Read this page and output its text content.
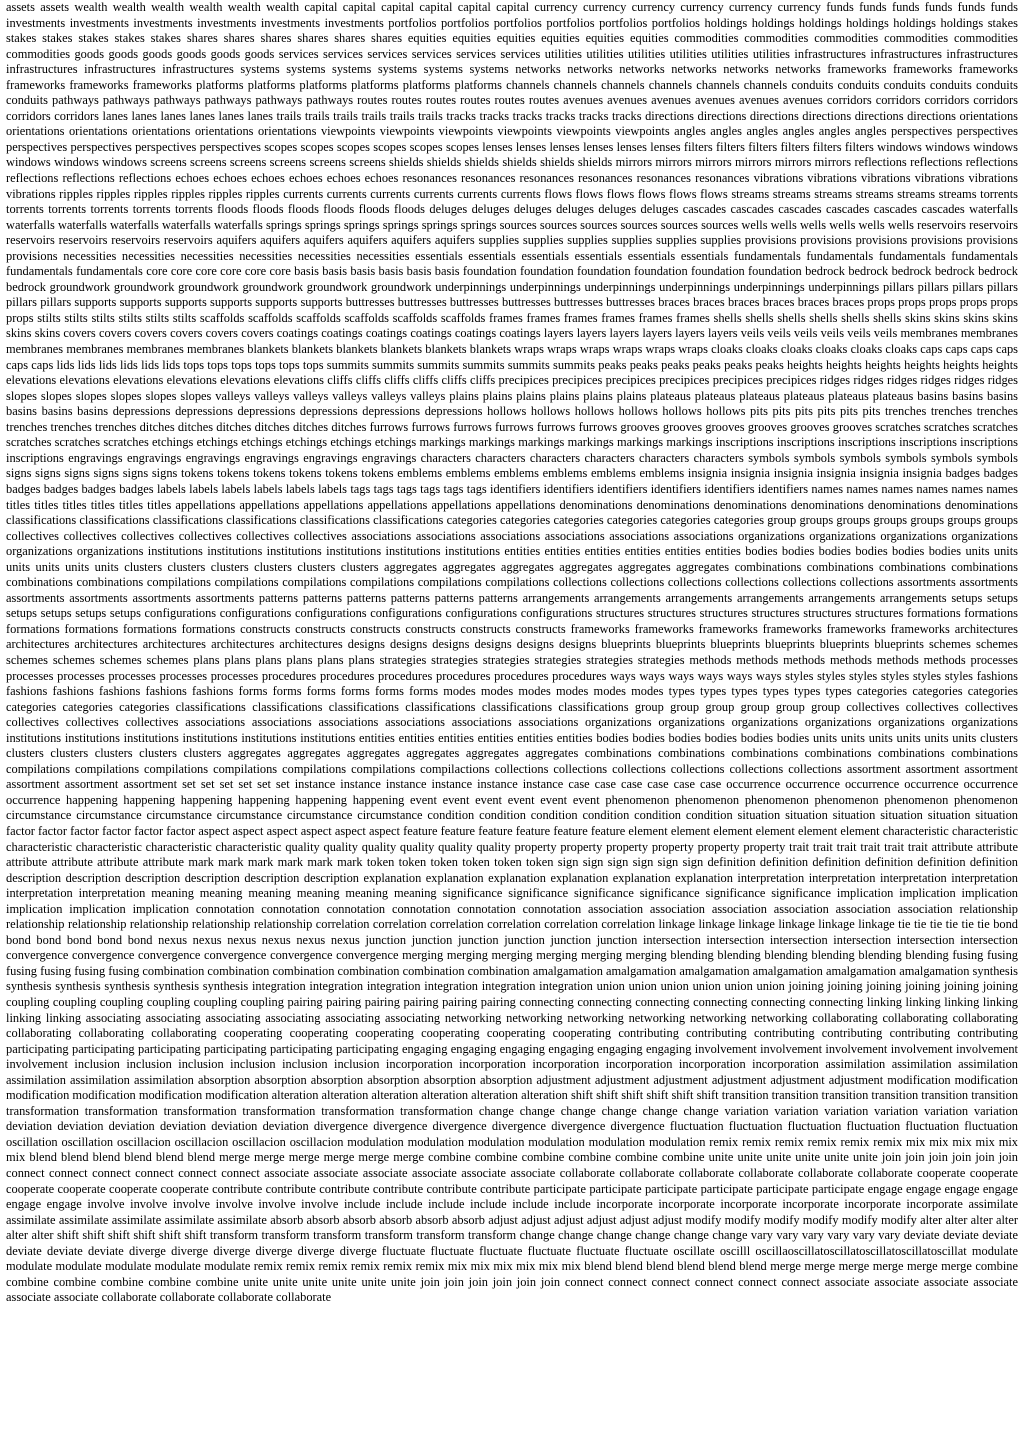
assets assets wealth wealth wealth wealth wealth wealth capital capital capital capital capital capital currency currency currency currency currency currency funds funds funds funds funds funds investments investments investments investments investments investments portfolios portfolios portfolios portfolios portfolios portfolios holdings holdings holdings holdings holdings holdings stakes stakes stakes stakes stakes stakes shares shares shares shares shares shares equities equities equities equities equities equities commodities commodities commodities commodities commodities commodities goods goods goods goods goods goods services services services services services services utilities utilities utilities utilities utilities utilities infrastructures infrastructures infrastructures infrastructures infrastructures infrastructures systems systems systems systems systems systems networks networks networks networks networks networks frameworks frameworks frameworks frameworks frameworks frameworks platforms platforms platforms platforms platforms platforms channels channels channels channels channels channels conduits conduits conduits conduits conduits conduits pathways pathways pathways pathways pathways pathways routes routes routes routes routes routes avenues avenues avenues avenues avenues avenues corridors corridors corridors corridors corridors corridors lanes lanes lanes lanes lanes lanes trails trails trails trails trails trails tracks tracks tracks tracks tracks tracks directions directions directions directions directions directions orientations orientations orientations orientations orientations orientations viewpoints viewpoints viewpoints viewpoints viewpoints viewpoints angles angles angles angles angles angles perspectives perspectives perspectives perspectives perspectives perspectives scopes scopes scopes scopes scopes scopes lenses lenses lenses lenses lenses lenses filters filters filters filters filters filters windows windows windows windows windows windows screens screens screens screens screens screens shields shields shields shields shields shields mirrors mirrors mirrors mirrors mirrors mirrors reflections reflections reflections reflections reflections reflections echoes echoes echoes echoes echoes echoes resonances resonances resonances resonances resonances resonances vibrations vibrations vibrations vibrations vibrations vibrations ripples ripples ripples ripples ripples ripples currents currents currents currents currents currents flows flows flows flows flows flows streams streams streams streams streams streams torrents torrents torrents torrents torrents torrents floods floods floods floods floods floods deluges deluges deluges deluges deluges deluges cascades cascades cascades cascades cascades cascades waterfalls waterfalls waterfalls waterfalls waterfalls waterfalls springs springs springs springs springs springs sources sources sources sources sources sources wells wells wells wells wells wells reservoirs reservoirs reservoirs reservoirs reservoirs reservoirs aquifers aquifers aquifers aquifers aquifers aquifers supplies supplies supplies supplies supplies supplies provisions provisions provisions provisions provisions provisions necessities necessities necessities necessities necessities necessities essentials essentials essentials essentials essentials essentials fundamentals fundamentals fundamentals fundamentals fundamentals fundamentals core core core core core core basis basis basis basis basis basis foundation foundation foundation foundation foundation foundation bedrock bedrock bedrock bedrock bedrock bedrock groundwork groundwork groundwork groundwork groundwork groundwork underpinnings underpinnings underpinnings underpinnings underpinnings underpinnings pillars pillars pillars pillars pillars pillars supports supports supports supports supports supports buttresses buttresses buttresses buttresses buttresses buttresses braces braces braces braces braces braces props props props props props props stilts stilts stilts stilts stilts stilts scaffolds scaffolds scaffolds scaffolds scaffolds scaffolds frames frames frames frames frames frames shells shells shells shells shells shells skins skins skins skins skins skins covers covers covers covers covers covers coatings coatings coatings coatings coatings coatings layers layers layers layers layers layers veils veils veils veils veils veils membranes membranes membranes membranes membranes membranes blankets blankets blankets blankets blankets blankets wraps wraps wraps wraps wraps wraps cloaks cloaks cloaks cloaks cloaks cloaks caps caps caps caps caps caps lids lids lids lids lids lids tops tops tops tops tops tops summits summits summits summits summits summits peaks peaks peaks peaks peaks peaks heights heights heights heights heights heights elevations elevations elevations elevations elevations elevations cliffs cliffs cliffs cliffs cliffs cliffs precipices precipices precipices precipices precipices precipices ridges ridges ridges ridges ridges ridges slopes slopes slopes slopes slopes slopes valleys valleys valleys valleys valleys valleys plains plains plains plains plains plains plateaus plateaus plateaus plateaus plateaus plateaus basins basins basins basins basins basins depressions depressions depressions depressions depressions depressions hollows hollows hollows hollows hollows hollows pits pits pits pits pits pits trenches trenches trenches trenches trenches trenches ditches ditches ditches ditches ditches ditches furrows furrows furrows furrows furrows furrows grooves grooves grooves grooves grooves grooves scratches scratches scratches scratches scratches scratches etchings etchings etchings etchings etchings etchings markings markings markings markings markings markings inscriptions inscriptions inscriptions inscriptions inscriptions inscriptions engravings engravings engravings engravings engravings engravings characters characters characters characters characters characters symbols symbols symbols symbols symbols symbols signs signs signs signs signs signs tokens tokens tokens tokens tokens tokens emblems emblems emblems emblems emblems emblems insignia insignia insignia insignia insignia insignia badges badges badges badges badges badges labels labels labels labels labels labels tags tags tags tags tags tags identifiers identifiers identifiers identifiers identifiers identifiers names names names names names names titles titles titles titles titles titles appellations appellations appellations appellations appellations appellations denominations denominations denominations denominations denominations denominations classifications classifications classifications classifications classifications classifications categories categories categories categories categories categories group groups groups groups groups groups groups collectives collectives collectives collectives collectives collectives associations associations associations associations associations associations organizations organizations organizations organizations organizations organizations institutions institutions institutions institutions institutions institutions entities entities entities entities entities entities bodies bodies bodies bodies bodies bodies units units units units units units clusters clusters clusters clusters clusters clusters aggregates aggregates aggregates aggregates aggregates aggregates combinations combinations combinations combinations combinations combinations compilations compilations compilations compilations compilations compilations collections collections collections collections collections collections assortments assortments assortments assortments assortments assortments patterns patterns patterns patterns patterns patterns arrangements arrangements arrangements arrangements arrangements arrangements setups setups setups setups setups setups configurations configurations configurations configurations configurations configurations structures structures structures structures structures structures formations formations formations formations formations formations constructs constructs constructs constructs constructs constructs frameworks frameworks frameworks frameworks frameworks frameworks architectures architectures architectures architectures architectures architectures designs designs designs designs designs designs blueprints blueprints blueprints blueprints blueprints blueprints schemes schemes schemes schemes schemes schemes plans plans plans plans plans plans strategies strategies strategies strategies strategies strategies methods methods methods methods methods methods processes processes processes processes processes processes procedures procedures procedures procedures procedures procedures ways ways ways ways ways ways styles styles styles styles styles styles fashions fashions fashions fashions fashions fashions forms forms forms forms forms forms modes modes modes modes modes modes types types types types types types categories categories categories categories categories categories classifications classifications classifications classifications classifications classifications group group group group group group collectives collectives collectives collectives collectives collectives associations associations associations associations associations associations organizations organizations organizations organizations organizations organizations institutions institutions institutions institutions institutions institutions entities entities entities entities entities entities bodies bodies bodies bodies bodies bodies units units units units units units clusters clusters clusters clusters clusters clusters aggregates aggregates aggregates aggregates aggregates aggregates combinations combinations combinations combinations combinations combinations compilations compilations compilations compilations compilations compilations compilactions collections collections collections collections collections collections assortment assortment assortment assortment assortment assortment set set set set set set instance instance instance instance instance instance case case case case case case occurrence occurrence occurrence occurrence occurrence occurrence happening happening happening happening happening happening event event event event event event phenomenon phenomenon phenomenon phenomenon phenomenon phenomenon circumstance circumstance circumstance circumstance circumstance circumstance condition condition condition condition condition condition situation situation situation situation situation situation factor factor factor factor factor factor aspect aspect aspect aspect aspect aspect feature feature feature feature feature feature element element element element element element characteristic characteristic characteristic characteristic characteristic characteristic quality quality quality quality quality quality property property property property property property trait trait trait trait trait trait attribute attribute attribute attribute attribute attribute mark mark mark mark mark mark token token token token token token sign sign sign sign sign sign definition definition definition definition definition definition description description description description description description explanation explanation explanation explanation explanation explanation interpretation interpretation interpretation interpretation interpretation interpretation meaning meaning meaning meaning meaning meaning significance significance significance significance significance significance implication implication implication implication implication implication connotation connotation connotation connotation connotation connotation association association association association association association relationship relationship relationship relationship relationship relationship correlation correlation correlation correlation correlation correlation linkage linkage linkage linkage linkage linkage tie tie tie tie tie tie bond bond bond bond bond bond nexus nexus nexus nexus nexus nexus junction junction junction junction junction junction intersection intersection intersection intersection intersection intersection convergence convergence convergence convergence convergence convergence merging merging merging merging merging merging blending blending blending blending blending blending fusing fusing fusing fusing fusing fusing combination combination combination combination combination combination amalgamation amalgamation amalgamation amalgamation amalgamation amalgamation synthesis synthesis synthesis synthesis synthesis synthesis integration integration integration integration integration integration union union union union union union joining joining joining joining joining joining coupling coupling coupling coupling coupling coupling pairing pairing pairing pairing pairing pairing connecting connecting connecting connecting connecting connecting linking linking linking linking linking linking associating associating associating associating associating associating networking networking networking networking networking networking collaborating collaborating collaborating collaborating collaborating collaborating cooperating cooperating cooperating cooperating cooperating cooperating contributing contributing contributing contributing contributing contributing participating participating participating participating participating participating engaging engaging engaging engaging engaging engaging involvement involvement involvement involvement involvement involvement inclusion inclusion inclusion inclusion inclusion inclusion incorporation incorporation incorporation incorporation incorporation incorporation assimilation assimilation assimilation assimilation assimilation assimilation absorption absorption absorption absorption absorption absorption adjustment adjustment adjustment adjustment adjustment adjustment modification modification modification modification modification modification alteration alteration alteration alteration alteration alteration shift shift shift shift shift shift transition transition transition transition transition transition transformation transformation transformation transformation transformation transformation change change change change change change variation variation variation variation variation variation deviation deviation deviation deviation deviation deviation divergence divergence divergence divergence divergence divergence fluctuation fluctuation fluctuation fluctuation fluctuation fluctuation oscillation oscillation oscillacion oscillacion oscillacion oscillacion modulation modulation modulation modulation modulation modulation remix remix remix remix remix remix mix mix mix mix mix mix blend blend blend blend blend blend merge merge merge merge merge merge combine combine combine combine combine combine unite unite unite unite unite unite join join join join join join connect connect connect connect connect connect associate associate associate associate associate associate collaborate collaborate collaborate collaborate collaborate collaborate cooperate cooperate cooperate cooperate cooperate cooperate contribute contribute contribute contribute contribute contribute participate participate participate participate participate participate engage engage engage engage engage engage involve involve involve involve involve involve include include include include include include incorporate incorporate incorporate incorporate incorporate incorporate assimilate assimilate assimilate assimilate assimilate assimilate absorb absorb absorb absorb absorb absorb adjust adjust adjust adjust adjust adjust modify modify modify modify modify modify alter alter alter alter alter alter shift shift shift shift shift shift transform transform transform transform transform transform change change change change change change vary vary vary vary vary vary deviate deviate deviate deviate deviate deviate diverge diverge diverge diverge diverge diverge fluctuate fluctuate fluctuate fluctuate fluctuate fluctuate oscillate oscilll oscillaoscillatoscillatoscillatoscillatoscillat modulate modulate modulate modulate modulate modulate remix remix remix remix remix remix mix mix mix mix mix mix blend blend blend blend blend blend merge merge merge merge merge merge combine combine combine combine combine combine unite unite unite unite unite unite join join join join join join connect connect connect connect connect connect associate associate associate associate associate associate collaborate collaborate collaborate collaborate
